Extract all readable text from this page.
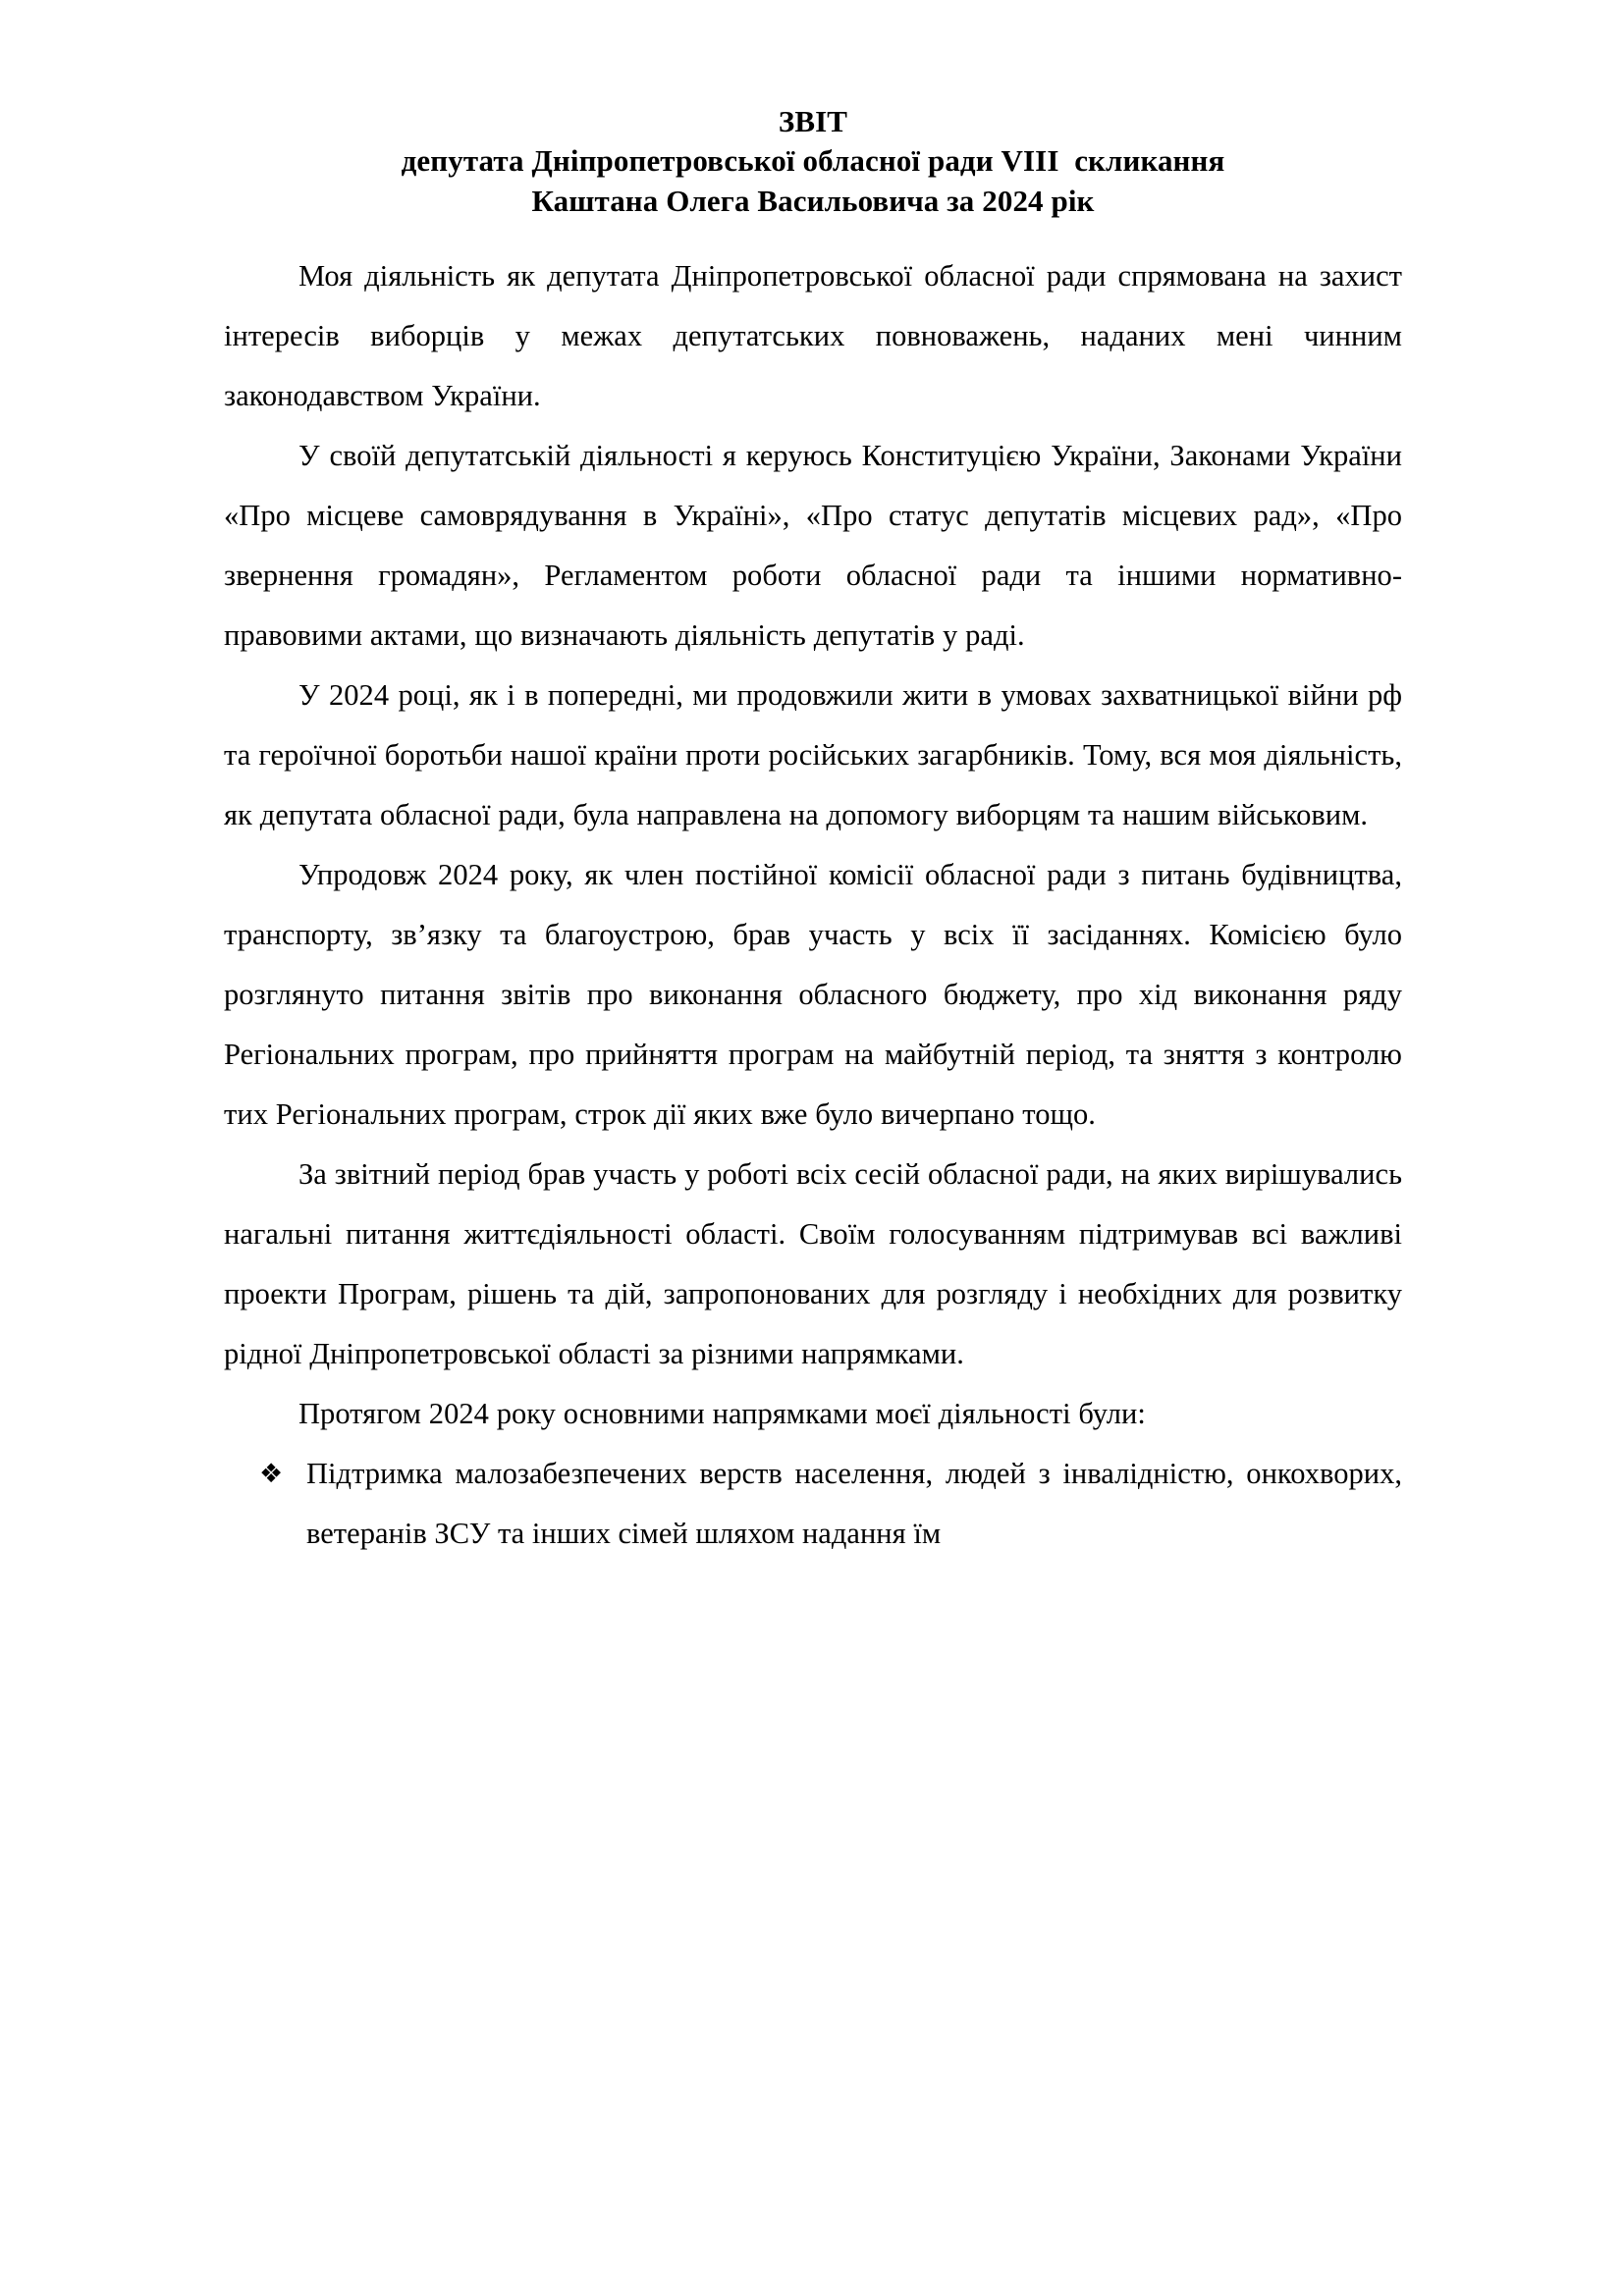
ЗВІТ
депутата Дніпропетровської обласної ради VIII  скликання
Каштана Олега Васильовича за 2024 рік

Моя діяльність як депутата Дніпропетровської обласної ради спрямована на захист інтересів виборців у межах депутатських повноважень, наданих мені чинним законодавством України.

У своїй депутатській діяльності я керуюсь Конституцією України, Законами України «Про місцеве самоврядування в Україні», «Про статус депутатів місцевих рад», «Про звернення громадян», Регламентом роботи обласної ради та іншими нормативно-правовими актами, що визначають діяльність депутатів у раді.

У 2024 році, як і в попередні, ми продовжили жити в умовах захватницької війни рф та героїчної боротьби нашої країни проти російських загарбників. Тому, вся моя діяльність, як депутата обласної ради, була направлена на допомогу виборцям та нашим військовим.

Упродовж 2024 року, як член постійної комісії обласної ради з питань будівництва, транспорту, зв’язку та благоустрою, брав участь у всіх її засіданнях. Комісією було розглянуто питання звітів про виконання обласного бюджету, про хід виконання ряду Регіональних програм, про прийняття програм на майбутній період, та зняття з контролю тих Регіональних програм, строк дії яких вже було вичерпано тощо.

За звітний період брав участь у роботі всіх сесій обласної ради, на яких вирішувались нагальні питання життєдіяльності області. Своїм голосуванням підтримував всі важливі проекти Програм, рішень та дій, запропонованих для розгляду і необхідних для розвитку рідної Дніпропетровської області за різними напрямками.

Протягом 2024 року основними напрямками моєї діяльності були:

❖ Підтримка малозабезпечених верств населення, людей з інвалідністю, онкохворих, ветеранів ЗСУ та інших сімей шляхом надання їм
